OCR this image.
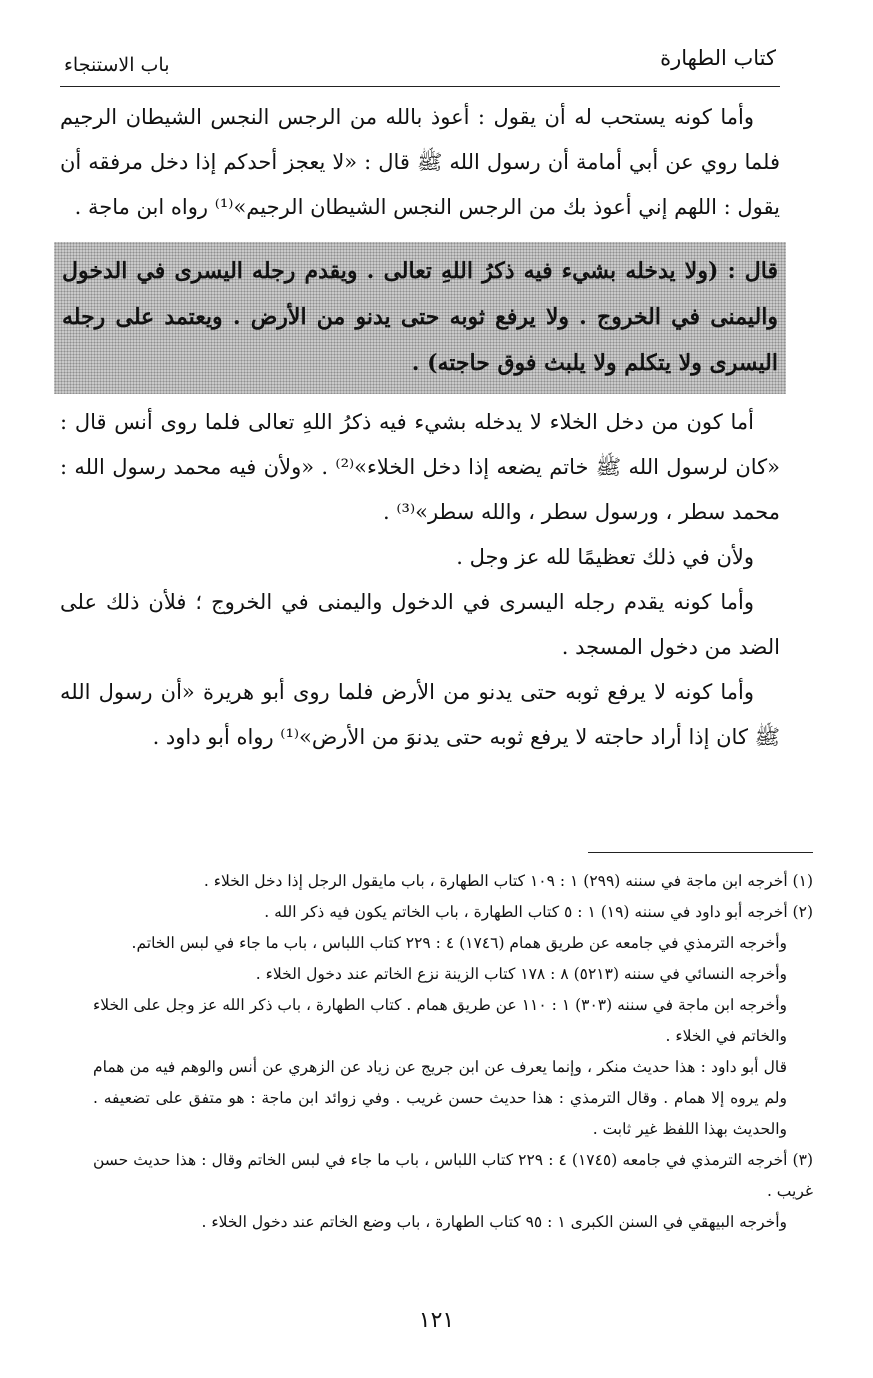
كتاب الطهارة
باب الاستنجاء

وأما كونه يستحب له أن يقول : أعوذ بالله من الرجس النجس الشيطان الرجيم فلما روي عن أبي أمامة أن رسول الله ﷺ قال : «لا يعجز أحدكم إذا دخل مرفقه أن يقول : اللهم إني أعوذ بك من الرجس النجس الشيطان الرجيم»⁽¹⁾ رواه ابن ماجة .

قال : (ولا يدخله بشيء فيه ذكرُ اللهِ تعالى . ويقدم رجله اليسرى في الدخول واليمنى في الخروج . ولا يرفع ثوبه حتى يدنو من الأرض . ويعتمد على رجله اليسرى ولا يتكلم ولا يلبث فوق حاجته) .

أما كون من دخل الخلاء لا يدخله بشيء فيه ذكرُ اللهِ تعالى فلما روى أنس قال : «كان لرسول الله ﷺ خاتم يضعه إذا دخل الخلاء»⁽²⁾ . «ولأن فيه محمد رسول الله : محمد سطر ، ورسول سطر ، والله سطر»⁽³⁾ .

ولأن في ذلك تعظيمًا لله عز وجل .

وأما كونه يقدم رجله اليسرى في الدخول واليمنى في الخروج ؛ فلأن ذلك على الضد من دخول المسجد .

وأما كونه لا يرفع ثوبه حتى يدنو من الأرض فلما روى أبو هريرة «أن رسول الله ﷺ كان إذا أراد حاجته لا يرفع ثوبه حتى يدنوَ من الأرض»⁽¹⁾ رواه أبو داود .

(١) أخرجه ابن ماجة في سننه (٢٩٩) ١ : ١٠٩ كتاب الطهارة ، باب مايقول الرجل إذا دخل الخلاء .

(٢) أخرجه أبو داود في سننه (١٩) ١ : ٥ كتاب الطهارة ، باب الخاتم يكون فيه ذكر الله .

وأخرجه الترمذي في جامعه عن طريق همام (١٧٤٦) ٤ : ٢٢٩ كتاب اللباس ، باب ما جاء في لبس الخاتم.

وأخرجه النسائي في سننه (٥٢١٣) ٨ : ١٧٨ كتاب الزينة نزع الخاتم عند دخول الخلاء .

وأخرجه ابن ماجة في سننه (٣٠٣) ١ : ١١٠ عن طريق همام . كتاب الطهارة ، باب ذكر الله عز وجل على الخلاء والخاتم في الخلاء .

قال أبو داود : هذا حديث منكر ، وإنما يعرف عن ابن جريج عن زياد عن الزهري عن أنس والوهم فيه من همام ولم يروه إلا همام . وقال الترمذي : هذا حديث حسن غريب . وفي زوائد ابن ماجة : هو متفق على تضعيفه . والحديث بهذا اللفظ غير ثابت .

(٣) أخرجه الترمذي في جامعه (١٧٤٥) ٤ : ٢٢٩ كتاب اللباس ، باب ما جاء في لبس الخاتم وقال : هذا حديث حسن غريب .

وأخرجه البيهقي في السنن الكبرى ١ : ٩٥ كتاب الطهارة ، باب وضع الخاتم عند دخول الخلاء .

١٢١
